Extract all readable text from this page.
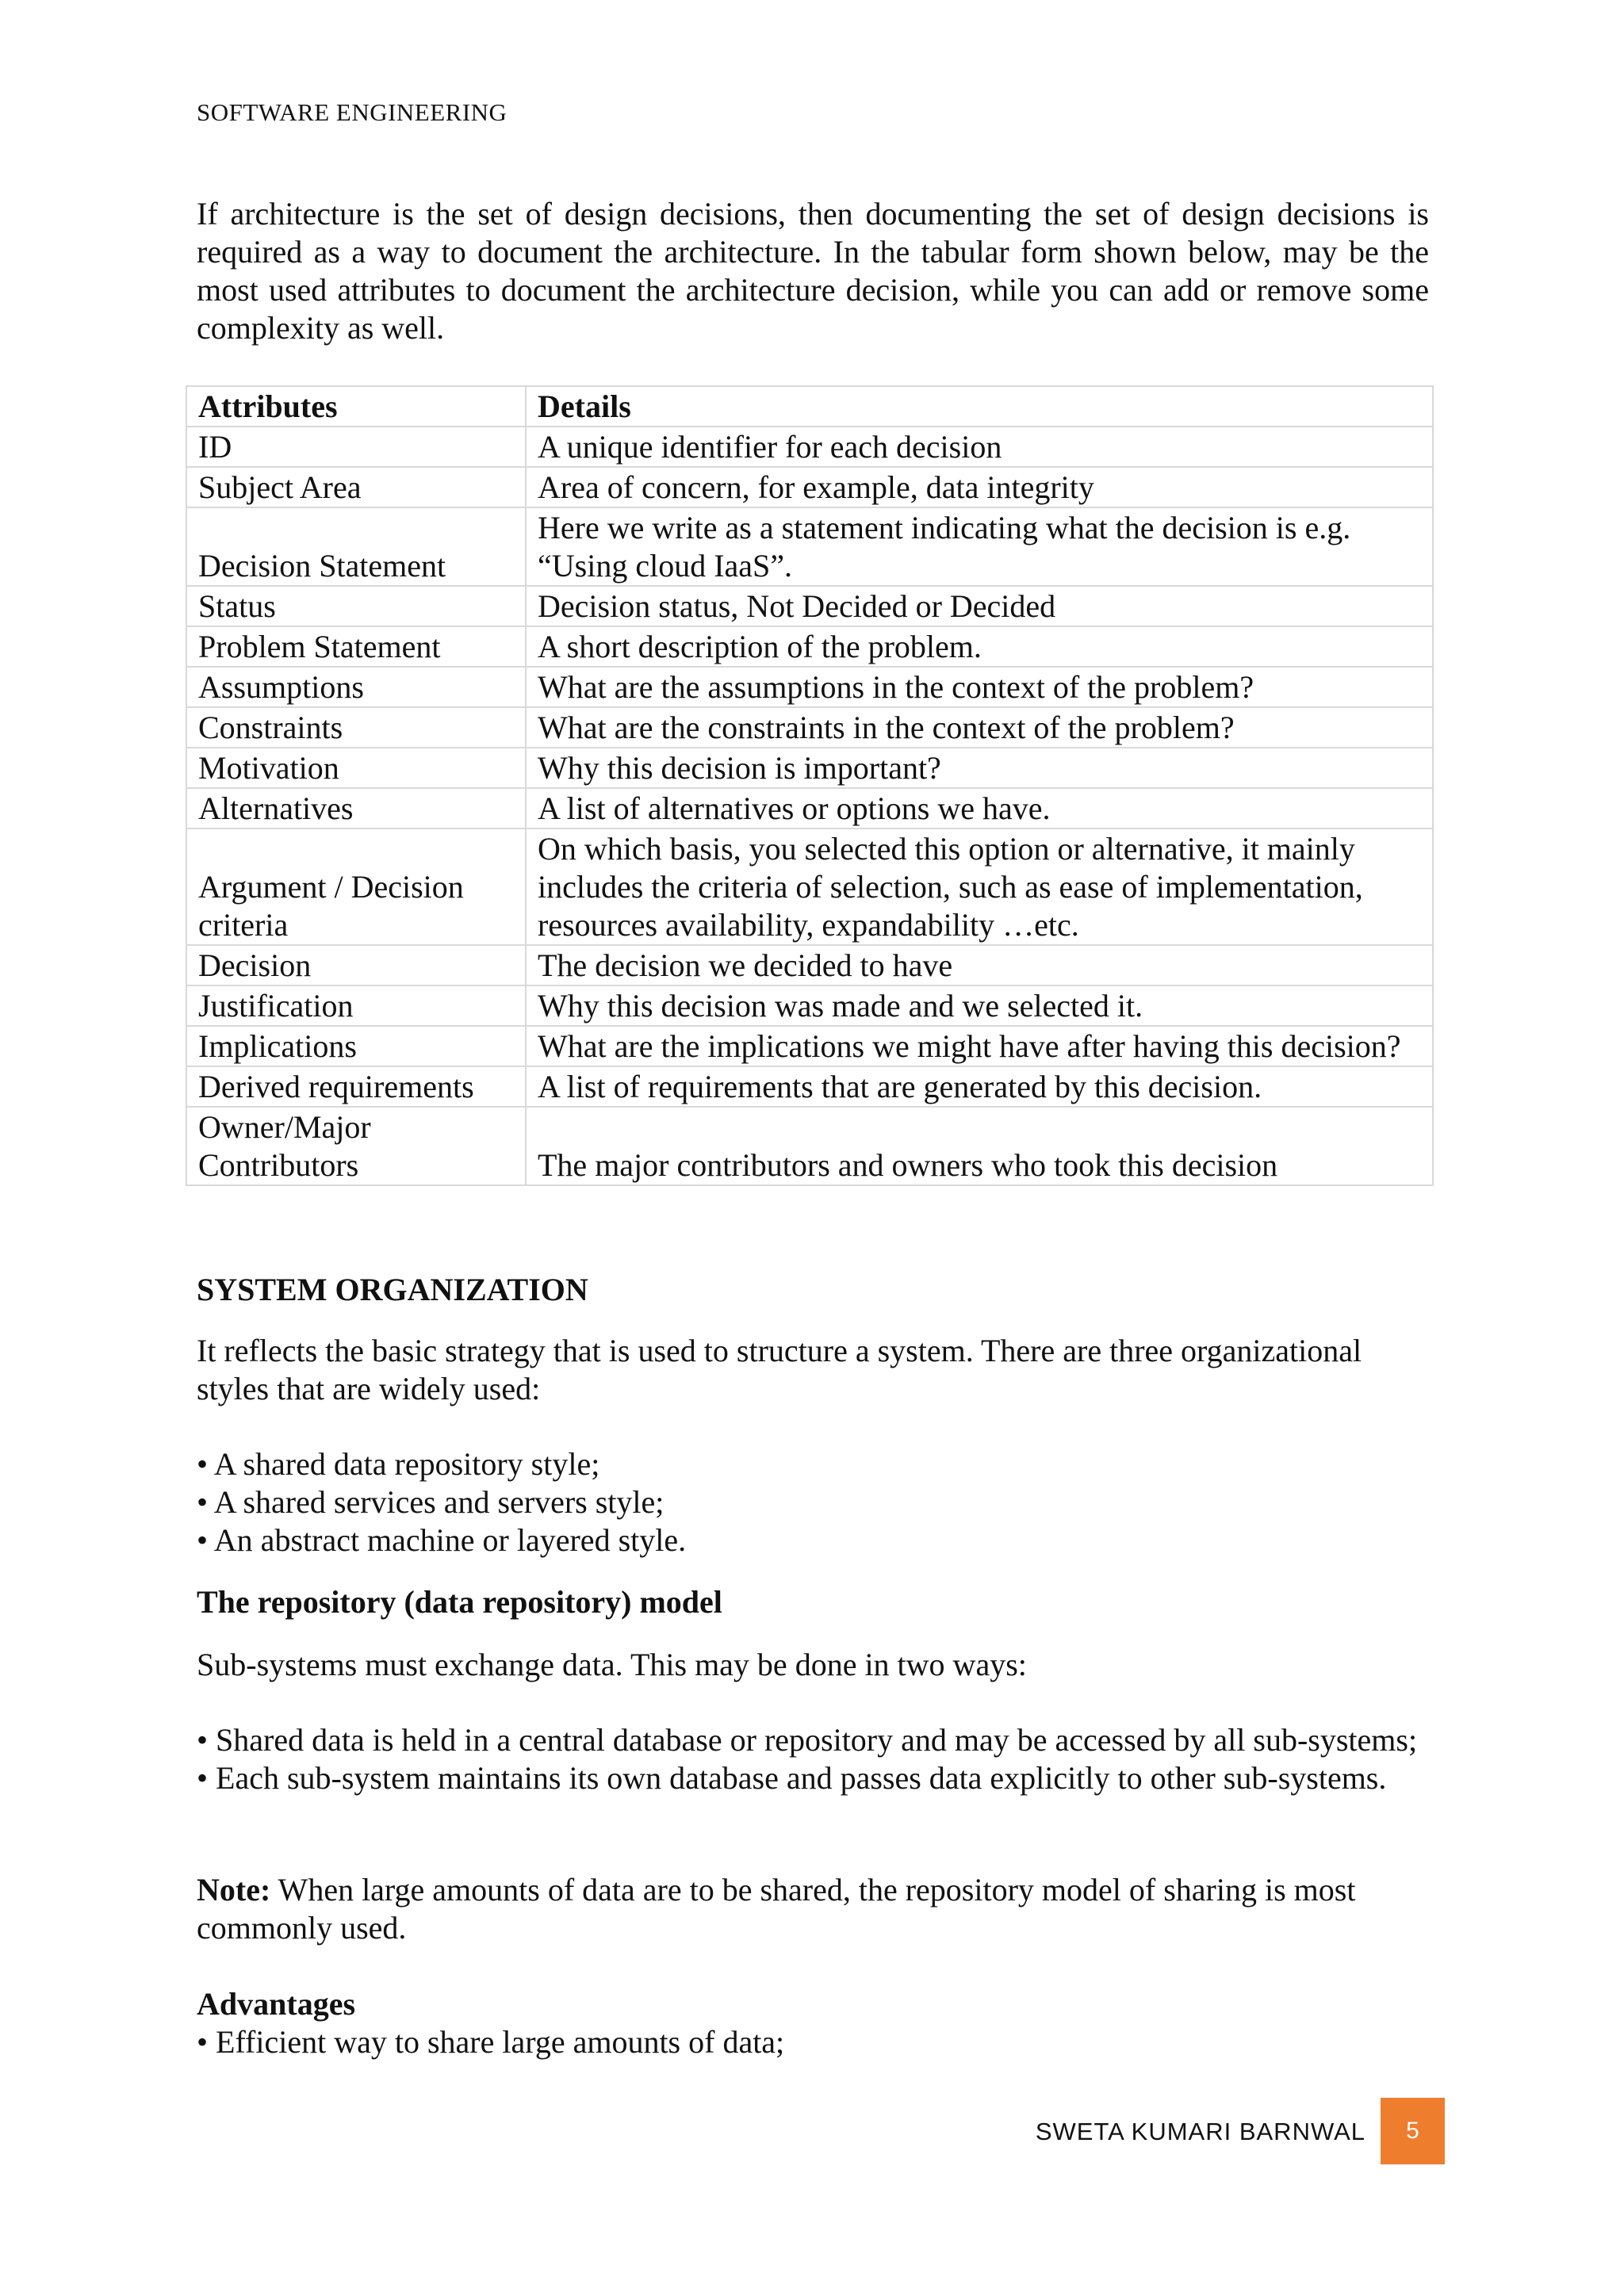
SOFTWARE ENGINEERING

If architecture is the set of design decisions, then documenting the set of design decisions is required as a way to document the architecture. In the tabular form shown below, may be the most used attributes to document the architecture decision, while you can add or remove some complexity as well.

Attributes	Details
ID	A unique identifier for each decision
Subject Area	Area of concern, for example, data integrity
Decision Statement	Here we write as a statement indicating what the decision is e.g. “Using cloud IaaS”.
Status	Decision status, Not Decided or Decided
Problem Statement	A short description of the problem.
Assumptions	What are the assumptions in the context of the problem?
Constraints	What are the constraints in the context of the problem?
Motivation	Why this decision is important?
Alternatives	A list of alternatives or options we have.
Argument / Decision criteria	On which basis, you selected this option or alternative, it mainly includes the criteria of selection, such as ease of implementation, resources availability, expandability …etc.
Decision	The decision we decided to have
Justification	Why this decision was made and we selected it.
Implications	What are the implications we might have after having this decision?
Derived requirements	A list of requirements that are generated by this decision.
Owner/Major Contributors	The major contributors and owners who took this decision
SYSTEM ORGANIZATION

It reflects the basic strategy that is used to structure a system. There are three organizational styles that are widely used:

• A shared data repository style;
• A shared services and servers style;
• An abstract machine or layered style.
The repository (data repository) model

Sub-systems must exchange data. This may be done in two ways:

• Shared data is held in a central database or repository and may be accessed by all sub-systems;
• Each sub-system maintains its own database and passes data explicitly to other sub-systems.

Note: When large amounts of data are to be shared, the repository model of sharing is most commonly used.

Advantages
• Efficient way to share large amounts of data;
SWETA KUMARI BARNWAL	5
